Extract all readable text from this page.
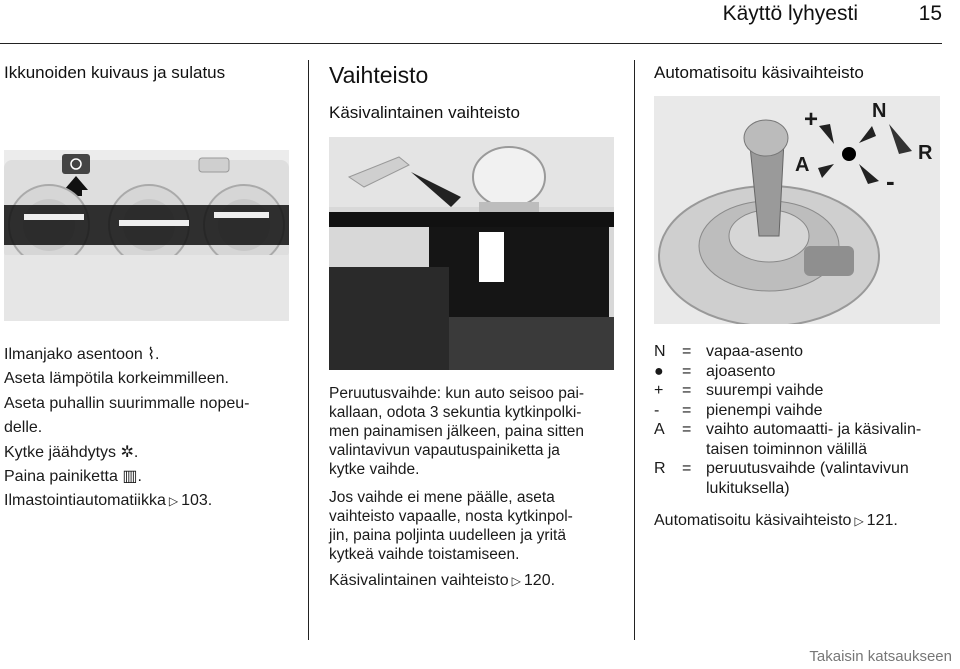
Käyttö lyhyesti	15
Ikkunoiden kuivaus ja sulatus

Ilmanjako asentoon ⌇.

Aseta lämpötila korkeimmilleen.

Aseta puhallin suurimmalle nopeu-

delle.

Kytke jäähdytys ✲.

Paina painiketta ▥.

Ilmastointiautomatiikka ▷ 103.

Vaihteisto
Käsivalintainen vaihteisto
Peruutusvaihde: kun auto seisoo pai-
kallaan, odota 3 sekuntia kytkinpolki-
men painamisen jälkeen, paina sitten
valintavivun vapautuspainiketta ja
kytke vaihde.
Jos vaihde ei mene päälle, aseta
vaihteisto vapaalle, nosta kytkinpol-
jin, paina poljinta uudelleen ja yritä
kytkeä vaihde toistamiseen.
Käsivalintainen vaihteisto ▷ 120.
Automatisoitu käsivaihteisto
+	N
R
A
-
N	= vapaa-asento
●	= ajoasento
+	= suurempi vaihde
-	= pienempi vaihde
A	= vaihto automaatti- ja käsivalin-
taisen toiminnon välillä
R	= peruutusvaihde (valintavivun
lukituksella)
Automatisoitu käsivaihteisto ▷ 121.
Takaisin katsaukseen
